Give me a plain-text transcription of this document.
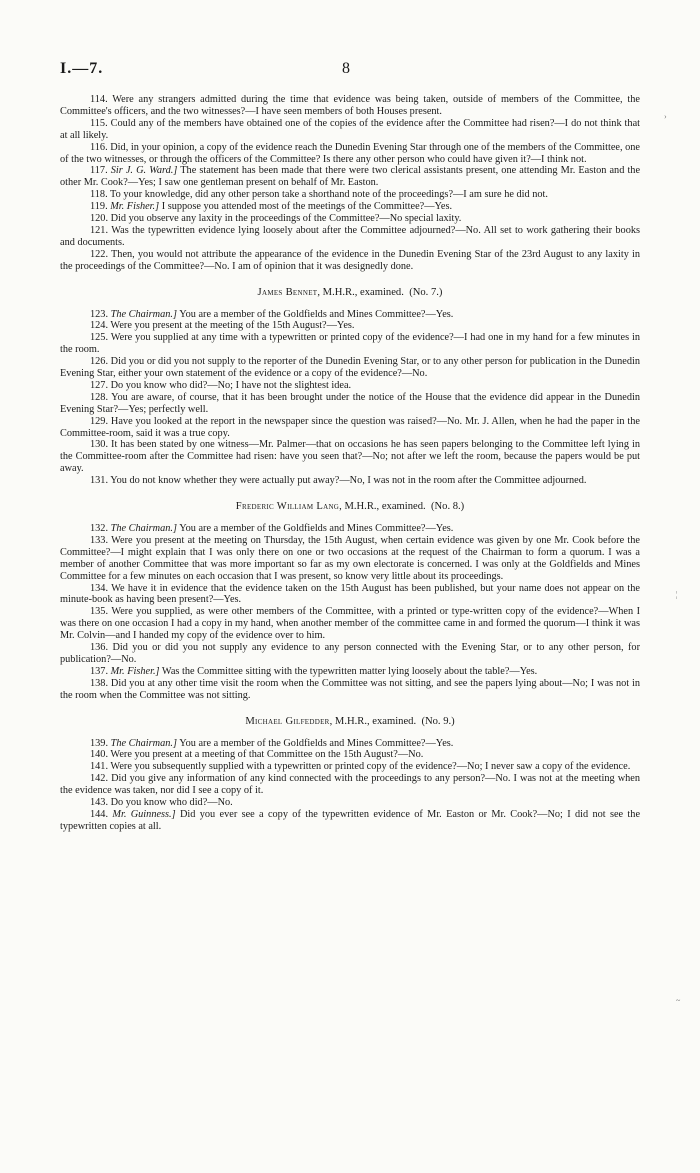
I.—7.	8

114. Were any strangers admitted during the time that evidence was being taken, outside of members of the Committee, the Committee's officers, and the two witnesses?—I have seen members of both Houses present.

115. Could any of the members have obtained one of the copies of the evidence after the Committee had risen?—I do not think that at all likely.

116. Did, in your opinion, a copy of the evidence reach the Dunedin Evening Star through one of the members of the Committee, one of the two witnesses, or through the officers of the Committee? Is there any other person who could have given it?—I think not.

117. Sir J. G. Ward.] The statement has been made that there were two clerical assistants present, one attending Mr. Easton and the other Mr. Cook?—Yes; I saw one gentleman present on behalf of Mr. Easton.

118. To your knowledge, did any other person take a shorthand note of the proceedings?—I am sure he did not.

119. Mr. Fisher.] I suppose you attended most of the meetings of the Committee?—Yes.

120. Did you observe any laxity in the proceedings of the Committee?—No special laxity.

121. Was the typewritten evidence lying loosely about after the Committee adjourned?—No. All set to work gathering their books and documents.

122. Then, you would not attribute the appearance of the evidence in the Dunedin Evening Star of the 23rd August to any laxity in the proceedings of the Committee?—No. I am of opinion that it was designedly done.

James Bennet, M.H.R., examined. (No. 7.)

123. The Chairman.] You are a member of the Goldfields and Mines Committee?—Yes.

124. Were you present at the meeting of the 15th August?—Yes.

125. Were you supplied at any time with a typewritten or printed copy of the evidence?—I had one in my hand for a few minutes in the room.

126. Did you or did you not supply to the reporter of the Dunedin Evening Star, or to any other person for publication in the Dunedin Evening Star, either your own statement of the evidence or a copy of the evidence?—No.

127. Do you know who did?—No; I have not the slightest idea.

128. You are aware, of course, that it has been brought under the notice of the House that the evidence did appear in the Dunedin Evening Star?—Yes; perfectly well.

129. Have you looked at the report in the newspaper since the question was raised?—No. Mr. J. Allen, when he had the paper in the Committee-room, said it was a true copy.

130. It has been stated by one witness—Mr. Palmer—that on occasions he has seen papers belonging to the Committee left lying in the Committee-room after the Committee had risen: have you seen that?—No; not after we left the room, because the papers would be put away.

131. You do not know whether they were actually put away?—No, I was not in the room after the Committee adjourned.

Frederic William Lang, M.H.R., examined. (No. 8.)

132. The Chairman.] You are a member of the Goldfields and Mines Committee?—Yes.

133. Were you present at the meeting on Thursday, the 15th August, when certain evidence was given by one Mr. Cook before the Committee?—I might explain that I was only there on one or two occasions at the request of the Chairman to form a quorum. I was a member of another Committee that was more important so far as my own electorate is concerned. I was only at the Goldfields and Mines Committee for a few minutes on each occasion that I was present, so know very little about its proceedings.

134. We have it in evidence that the evidence taken on the 15th August has been published, but your name does not appear on the minute-book as having been present?—Yes.

135. Were you supplied, as were other members of the Committee, with a printed or type-written copy of the evidence?—When I was there on one occasion I had a copy in my hand, when another member of the committee came in and formed the quorum—I think it was Mr. Colvin—and I handed my copy of the evidence over to him.

136. Did you or did you not supply any evidence to any person connected with the Evening Star, or to any other person, for publication?—No.

137. Mr. Fisher.] Was the Committee sitting with the typewritten matter lying loosely about the table?—Yes.

138. Did you at any other time visit the room when the Committee was not sitting, and see the papers lying about—No; I was not in the room when the Committee was not sitting.

Michael Gilfedder, M.H.R., examined. (No. 9.)

139. The Chairman.] You are a member of the Goldfields and Mines Committee?—Yes.

140. Were you present at a meeting of that Committee on the 15th August?—No.

141. Were you subsequently supplied with a typewritten or printed copy of the evidence?—No; I never saw a copy of the evidence.

142. Did you give any information of any kind connected with the proceedings to any person?—No. I was not at the meeting when the evidence was taken, nor did I see a copy of it.

143. Do you know who did?—No.

144. Mr. Guinness.] Did you ever see a copy of the typewritten evidence of Mr. Easton or Mr. Cook?—No; I did not see the typewritten copies at all.

›
¦
~
